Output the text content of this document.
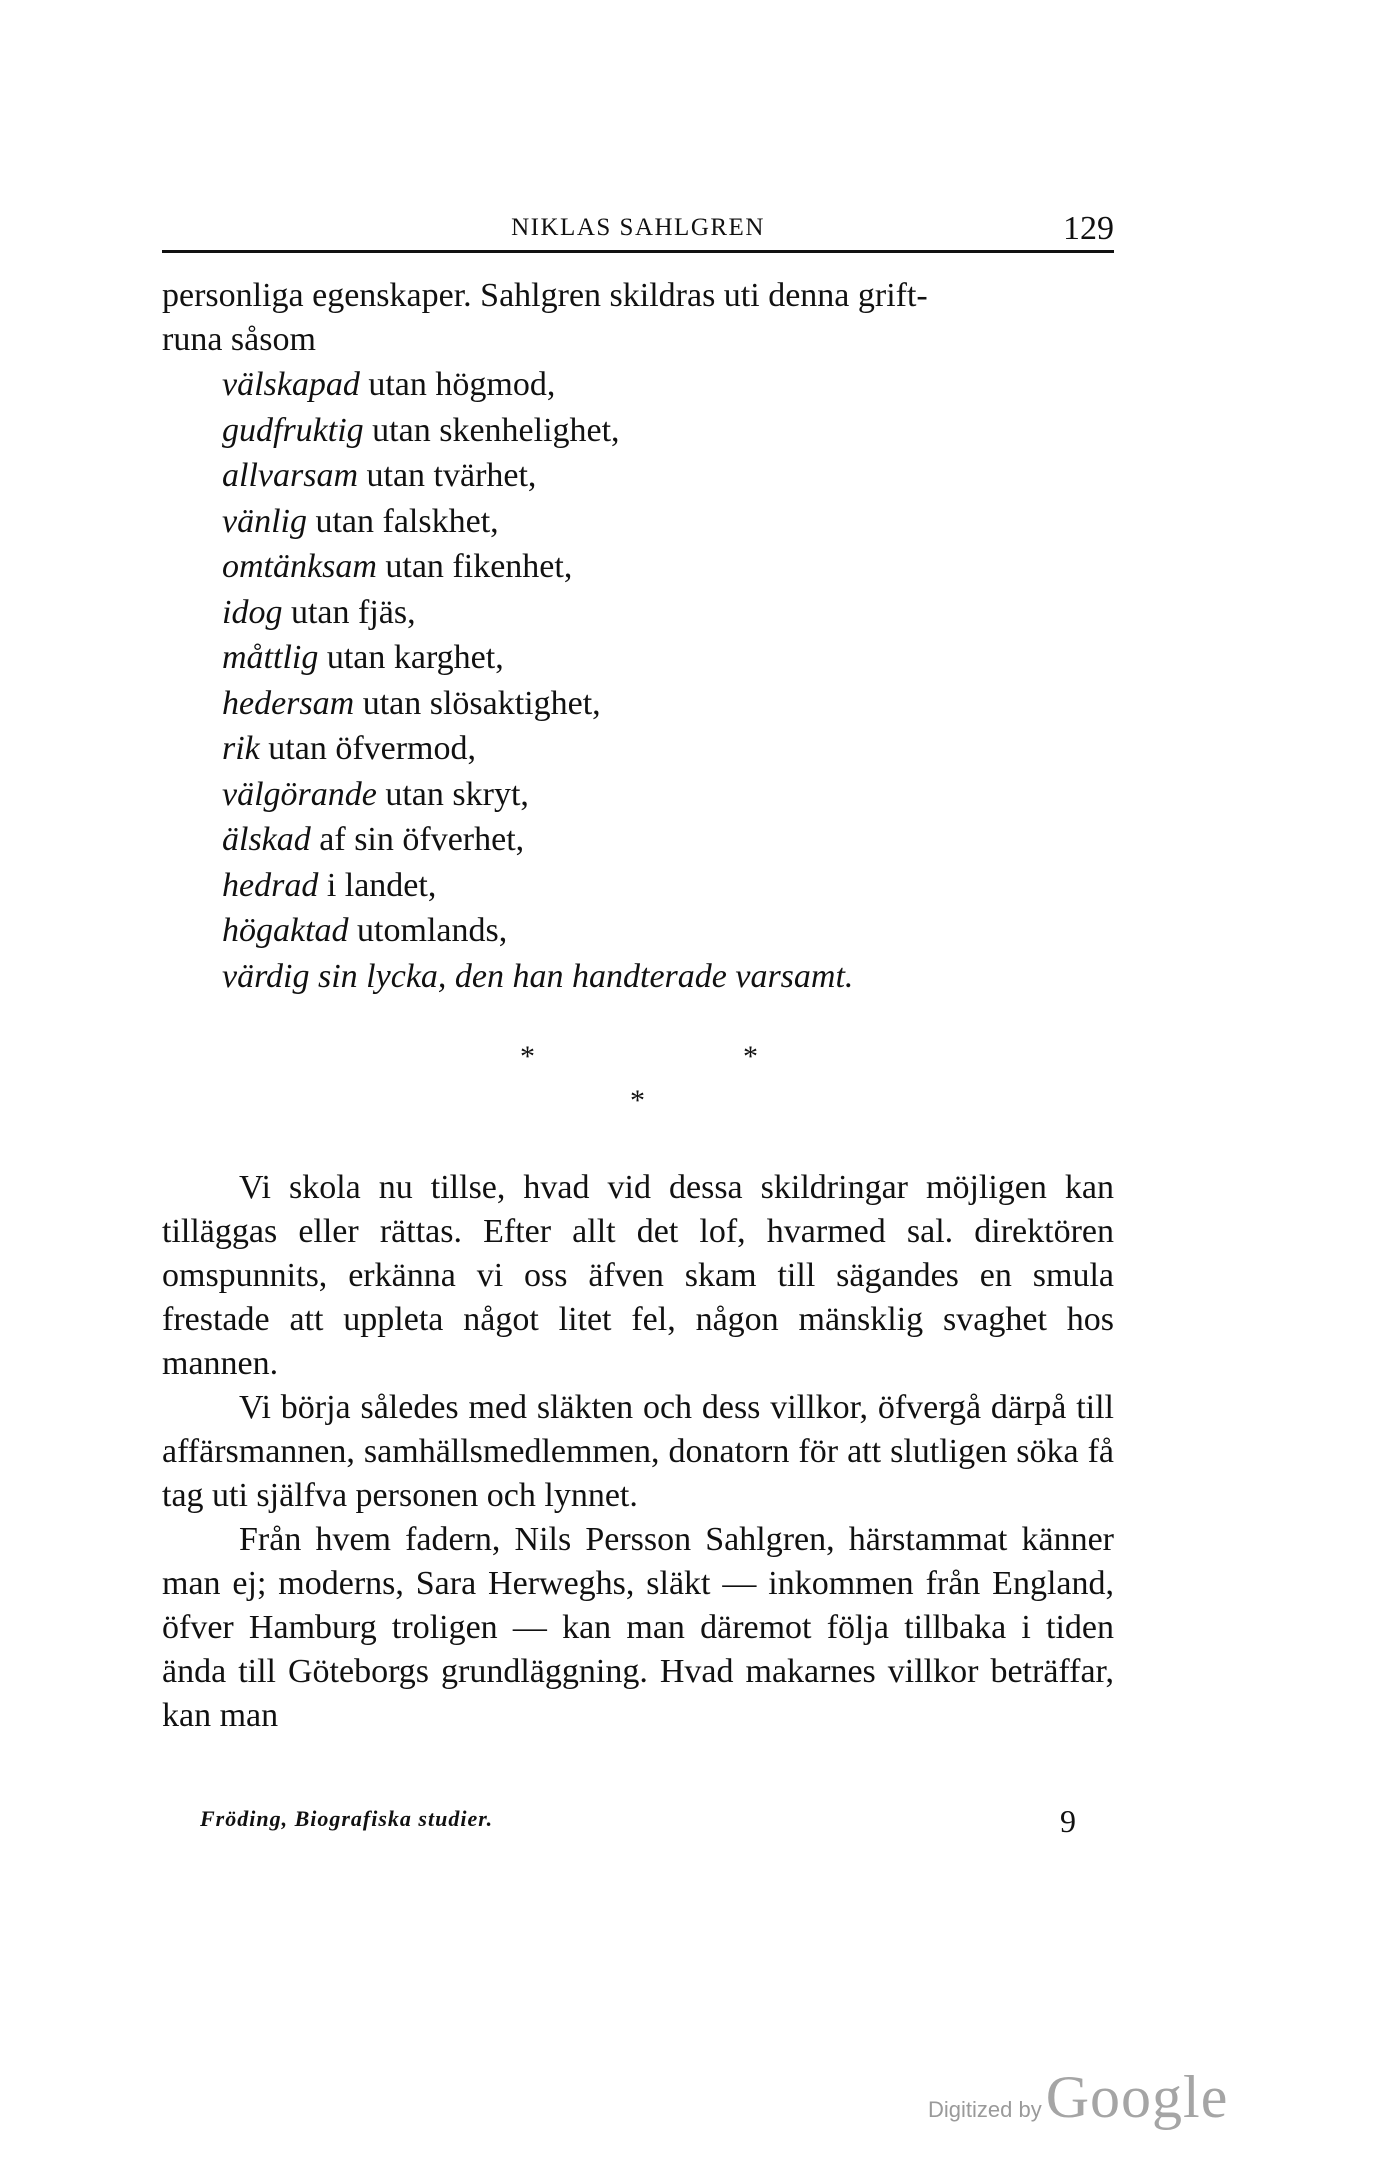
NIKLAS SAHLGREN	129

personliga egenskaper. Sahlgren skildras uti denna grift-

runa såsom

välskapad utan högmod,
gudfruktig utan skenhelighet,
allvarsam utan tvärhet,
vänlig utan falskhet,
omtänksam utan fikenhet,
idog utan fjäs,
måttlig utan karghet,
hedersam utan slösaktighet,
rik utan öfvermod,
välgörande utan skryt,
älskad af sin öfverhet,
hedrad i landet,
högaktad utomlands,
värdig sin lycka, den han handterade varsamt.
*	*
*

Vi skola nu tillse, hvad vid dessa skildringar möjligen kan tilläggas eller rättas. Efter allt det lof, hvarmed sal. direktören omspunnits, erkänna vi oss äfven skam till sägandes en smula frestade att uppleta något litet fel, någon mänsklig svaghet hos mannen.

Vi börja således med släkten och dess villkor, öfvergå därpå till affärsmannen, samhällsmedlemmen, donatorn för att slutligen söka få tag uti själfva personen och lynnet.

Från hvem fadern, Nils Persson Sahlgren, härstammat känner man ej; moderns, Sara Herweghs, släkt — inkommen från England, öfver Hamburg troligen — kan man däremot följa tillbaka i tiden ända till Göteborgs grundläggning. Hvad makarnes villkor beträffar, kan man

Fröding, Biografiska studier.	9
Digitized by Google
